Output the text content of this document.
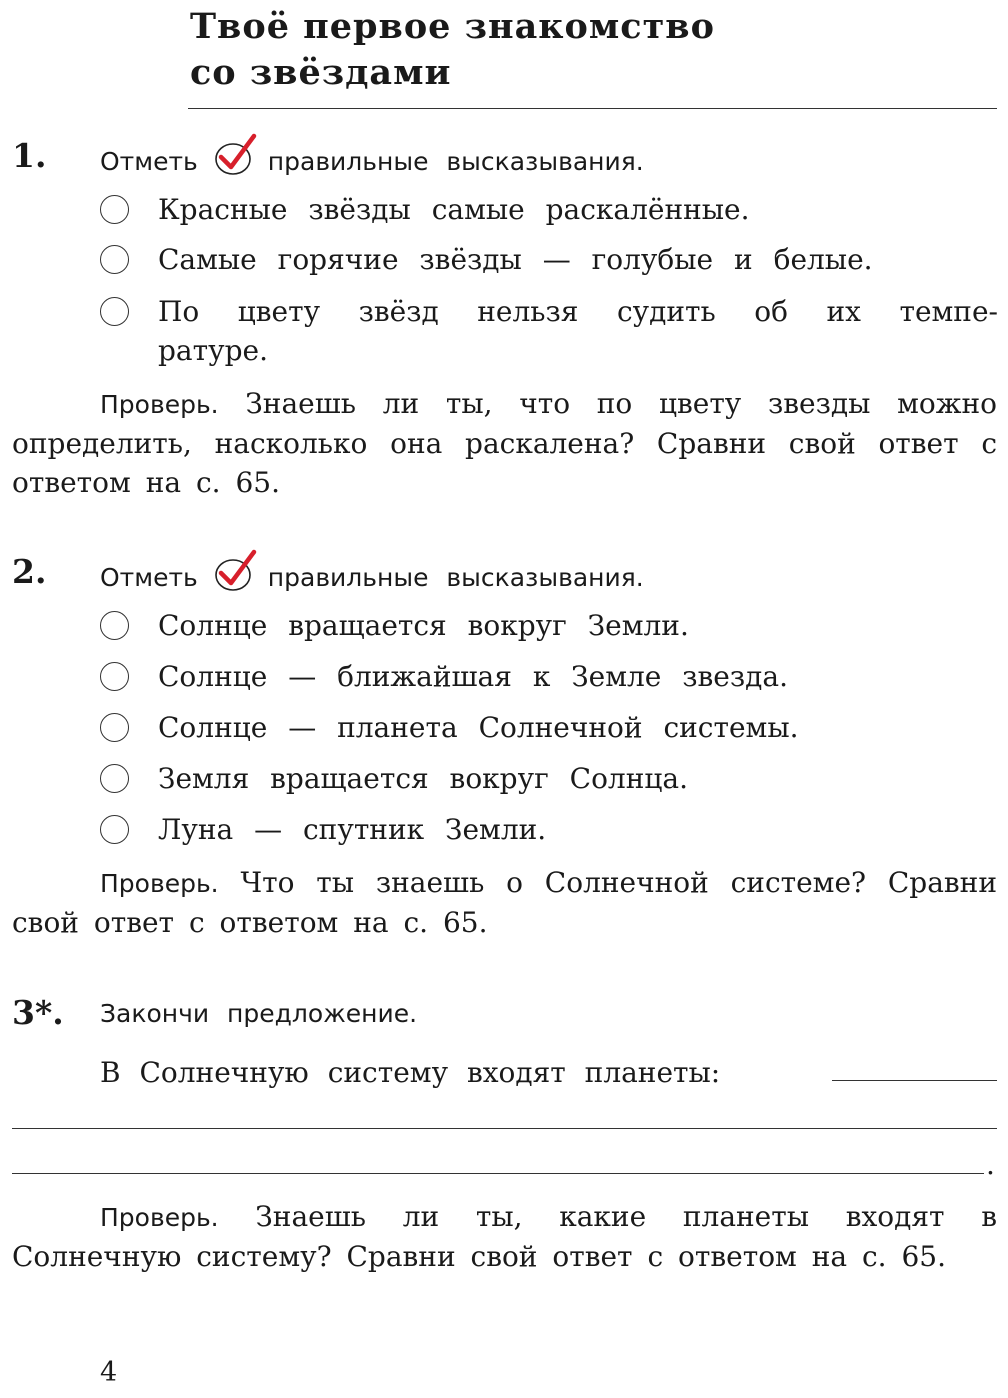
Твоё первое знакомство
со звёздами
1. Отметь	правильные высказывания.
Красные звёзды самые раскалённые.
Самые горячие звёзды — голубые и белые.
По цвету звёзд нельзя судить об их темпе-
ратуре.
Проверь. Знаешь ли ты, что по цвету звезды можно определить, насколько она раскалена? Сравни свой ответ с ответом на с. 65.
2. Отметь	правильные высказывания.
Солнце вращается вокруг Земли.
Солнце — ближайшая к Земле звезда.
Солнце — планета Солнечной системы.
Земля вращается вокруг Солнца.
Луна — спутник Земли.
Проверь. Что ты знаешь о Солнечной системе? Сравни свой ответ с ответом на с. 65.
3*. Закончи предложение.
В Солнечную систему входят планеты:
.
Проверь. Знаешь ли ты, какие планеты входят в Солнечную систему? Сравни свой ответ с ответом на с. 65.
4
